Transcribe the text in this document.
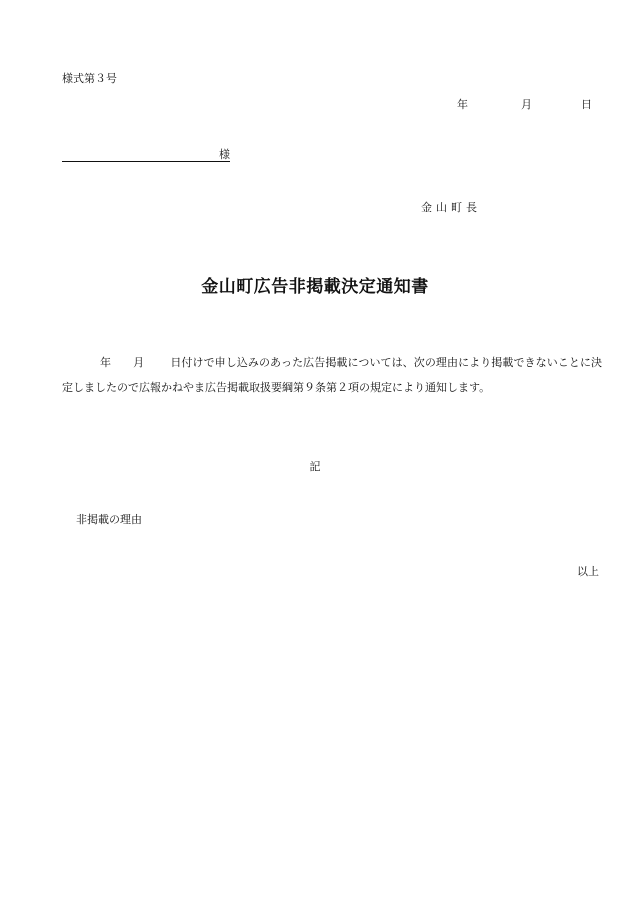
様式第３号
年	月	日
様
金山町長
金山町広告非掲載決定通知書
年 月 日付けで申し込みのあった広告掲載については、次の理由により掲載できないことに決定しましたので広報かねやま広告掲載取扱要綱第９条第２項の規定により通知します。
記
非掲載の理由
以上
